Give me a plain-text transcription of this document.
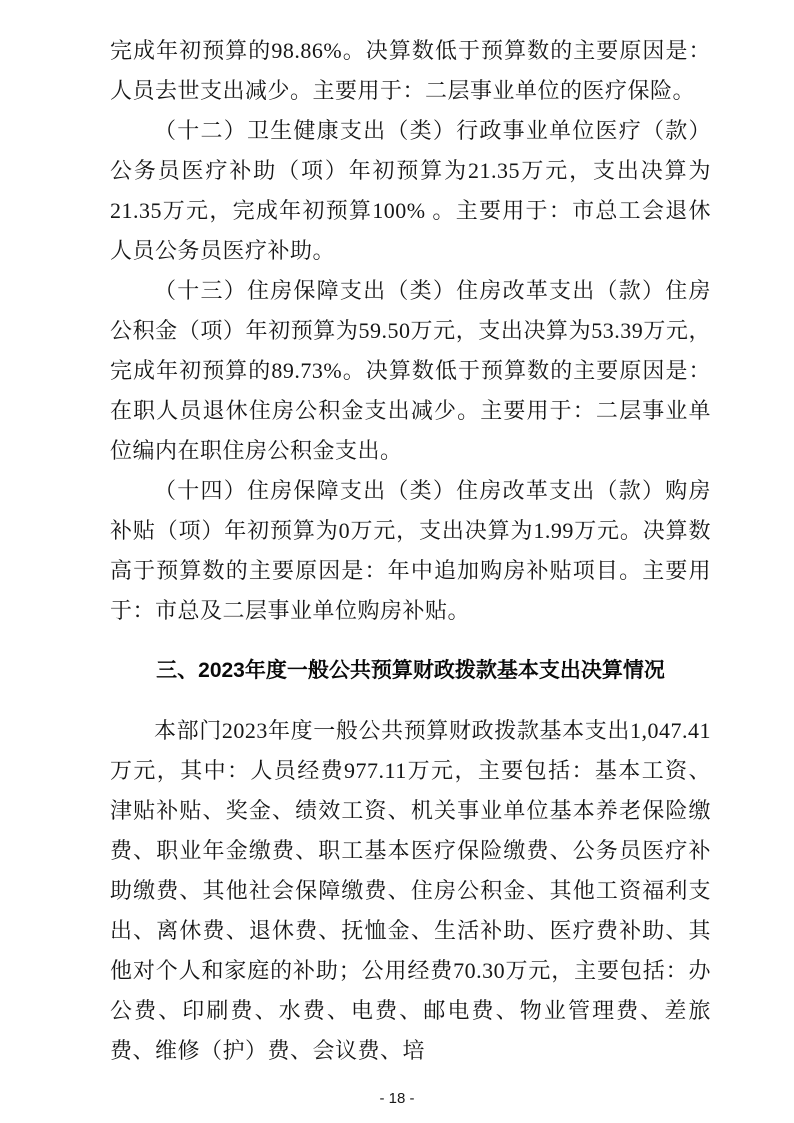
完成年初预算的98.86%。决算数低于预算数的主要原因是：人员去世支出减少。主要用于：二层事业单位的医疗保险。

（十二）卫生健康支出（类）行政事业单位医疗（款）公务员医疗补助（项）年初预算为21.35万元，支出决算为21.35万元，完成年初预算100% 。主要用于：市总工会退休人员公务员医疗补助。

（十三）住房保障支出（类）住房改革支出（款）住房公积金（项）年初预算为59.50万元，支出决算为53.39万元，完成年初预算的89.73%。决算数低于预算数的主要原因是：在职人员退休住房公积金支出减少。主要用于：二层事业单位编内在职住房公积金支出。

（十四）住房保障支出（类）住房改革支出（款）购房补贴（项）年初预算为0万元，支出决算为1.99万元。决算数高于预算数的主要原因是：年中追加购房补贴项目。主要用于：市总及二层事业单位购房补贴。

三、2023年度一般公共预算财政拨款基本支出决算情况

本部门2023年度一般公共预算财政拨款基本支出1,047.41万元，其中：人员经费977.11万元，主要包括：基本工资、津贴补贴、奖金、绩效工资、机关事业单位基本养老保险缴费、职业年金缴费、职工基本医疗保险缴费、公务员医疗补助缴费、其他社会保障缴费、住房公积金、其他工资福利支出、离休费、退休费、抚恤金、生活补助、医疗费补助、其他对个人和家庭的补助；公用经费70.30万元，主要包括：办公费、印刷费、水费、电费、邮电费、物业管理费、差旅费、维修（护）费、会议费、培

- 18 -
